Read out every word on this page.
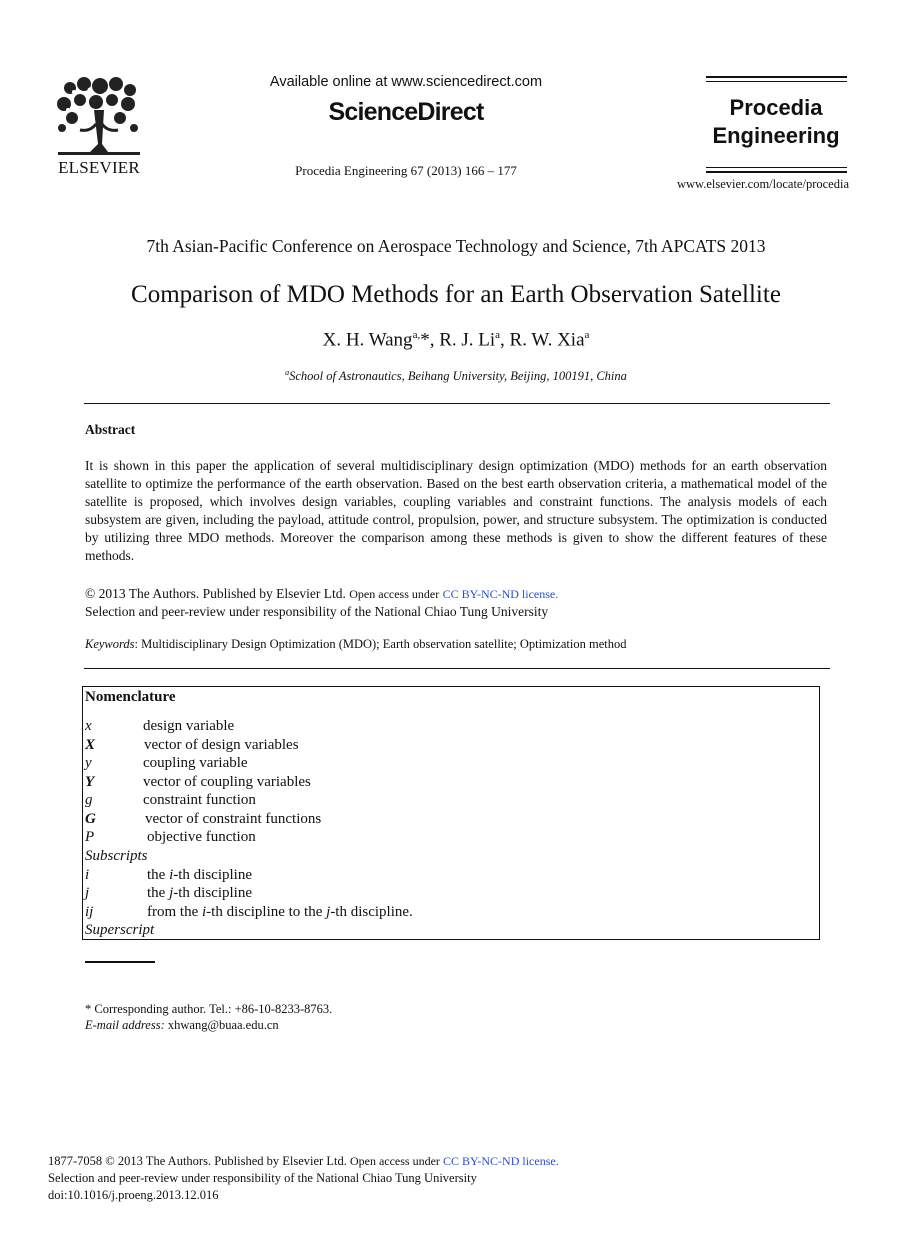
ELSEVIER
Available online at www.sciencedirect.com
ScienceDirect
Procedia Engineering 67 (2013) 166 – 177
Procedia
Engineering
www.elsevier.com/locate/procedia
7th Asian-Pacific Conference on Aerospace Technology and Science, 7th APCATS 2013
Comparison of MDO Methods for an Earth Observation Satellite
X. H. Wang$^{a,}$*, R. J. Li$^a$, R. W. Xia$^a$
$^a$School of Astronautics, Beihang University, Beijing, 100191, China
Abstract
It is shown in this paper the application of several multidisciplinary design optimization (MDO) methods for an earth observation satellite to optimize the performance of the earth observation. Based on the best earth observation criteria, a mathematical model of the satellite is proposed, which involves design variables, coupling variables and constraint functions. The analysis models of each subsystem are given, including the payload, attitude control, propulsion, power, and structure subsystem. The optimization is conducted by utilizing three MDO methods. Moreover the comparison among these methods is given to show the different features of these methods.
© 2013 The Authors. Published by Elsevier Ltd. Open access under CC BY-NC-ND license.
Selection and peer-review under responsibility of the National Chiao Tung University
Keywords: Multidisciplinary Design Optimization (MDO); Earth observation satellite; Optimization method
Nomenclature
x	design variable
X	vector of design variables
y	coupling variable
Y	vector of coupling variables
g	constraint function
G	vector of constraint functions
P	objective function
Subscripts
i	the i-th discipline
j	the j-th discipline
ij	from the i-th discipline to the j-th discipline.
Superscript
* Corresponding author. Tel.: +86-10-8233-8763.
E-mail address: xhwang@buaa.edu.cn
1877-7058 © 2013 The Authors. Published by Elsevier Ltd. Open access under CC BY-NC-ND license.
Selection and peer-review under responsibility of the National Chiao Tung University
doi:10.1016/j.proeng.2013.12.016
